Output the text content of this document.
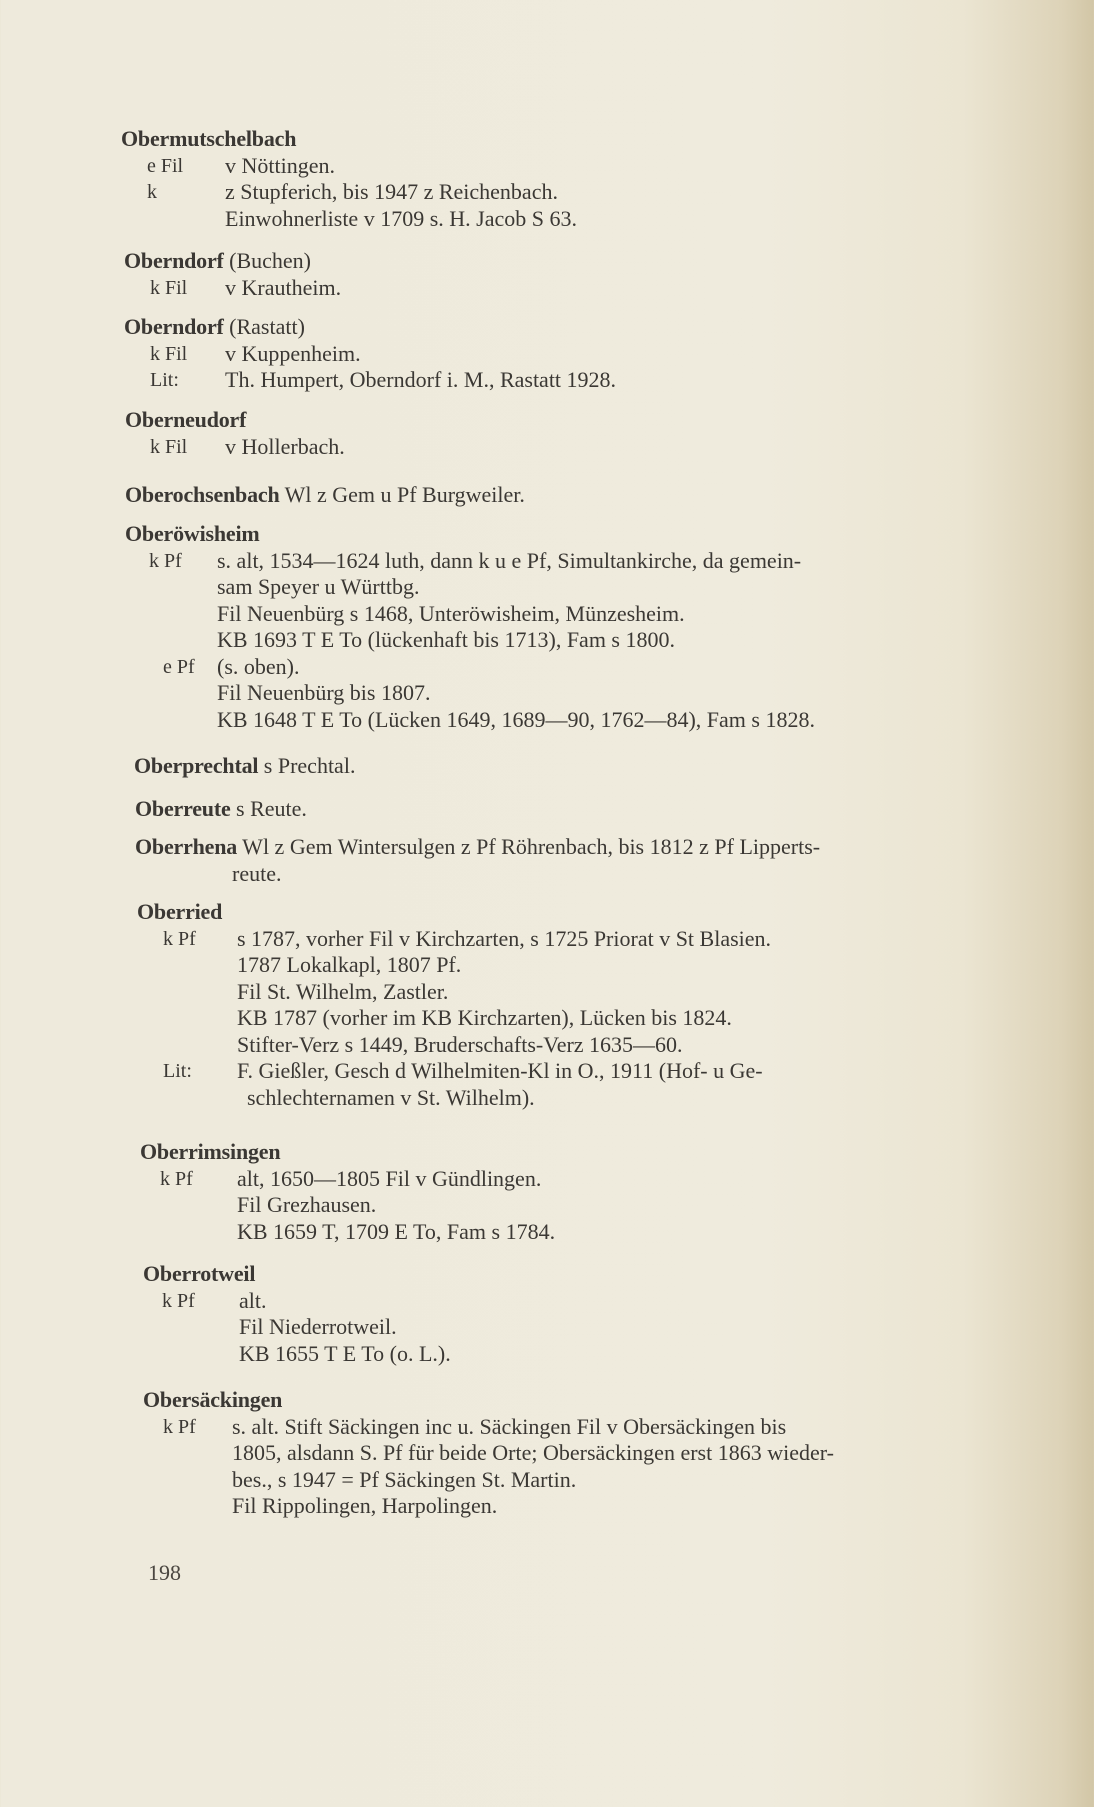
Obermutschelbach
e Fil v Nöttingen.
k	z Stupferich, bis 1947 z Reichenbach.
Einwohnerliste v 1709 s. H. Jacob S 63.
Oberndorf (Buchen)
k Fil v Krautheim.
Oberndorf (Rastatt)
k Fil v Kuppenheim.
Lit: Th. Humpert, Oberndorf i. M., Rastatt 1928.
Oberneudorf
k Fil v Hollerbach.
Oberochsenbach Wl z Gem u Pf Burgweiler.
Oberöwisheim
k Pf s. alt, 1534—1624 luth, dann k u e Pf, Simultankirche, da gemein-
sam Speyer u Württbg.
Fil Neuenbürg s 1468, Unteröwisheim, Münzesheim.
KB 1693 T E To (lückenhaft bis 1713), Fam s 1800.
e Pf (s. oben).
Fil Neuenbürg bis 1807.
KB 1648 T E To (Lücken 1649, 1689—90, 1762—84), Fam s 1828.
Oberprechtal s Prechtal.
Oberreute s Reute.
Oberrhena Wl z Gem Wintersulgen z Pf Röhrenbach, bis 1812 z Pf Lipperts-
reute.
Oberried
k Pf s 1787, vorher Fil v Kirchzarten, s 1725 Priorat v St Blasien.
1787 Lokalkapl, 1807 Pf.
Fil St. Wilhelm, Zastler.
KB 1787 (vorher im KB Kirchzarten), Lücken bis 1824.
Stifter-Verz s 1449, Bruderschafts-Verz 1635—60.
Lit: F. Gießler, Gesch d Wilhelmiten-Kl in O., 1911 (Hof- u Ge-
schlechternamen v St. Wilhelm).
Oberrimsingen
k Pf alt, 1650—1805 Fil v Gündlingen.
Fil Grezhausen.
KB 1659 T, 1709 E To, Fam s 1784.
Oberrotweil
k Pf alt.
Fil Niederrotweil.
KB 1655 T E To (o. L.).
Obersäckingen
k Pf s. alt. Stift Säckingen inc u. Säckingen Fil v Obersäckingen bis
1805, alsdann S. Pf für beide Orte; Obersäckingen erst 1863 wieder-
bes., s 1947 = Pf Säckingen St. Martin.
Fil Rippolingen, Harpolingen.
198
